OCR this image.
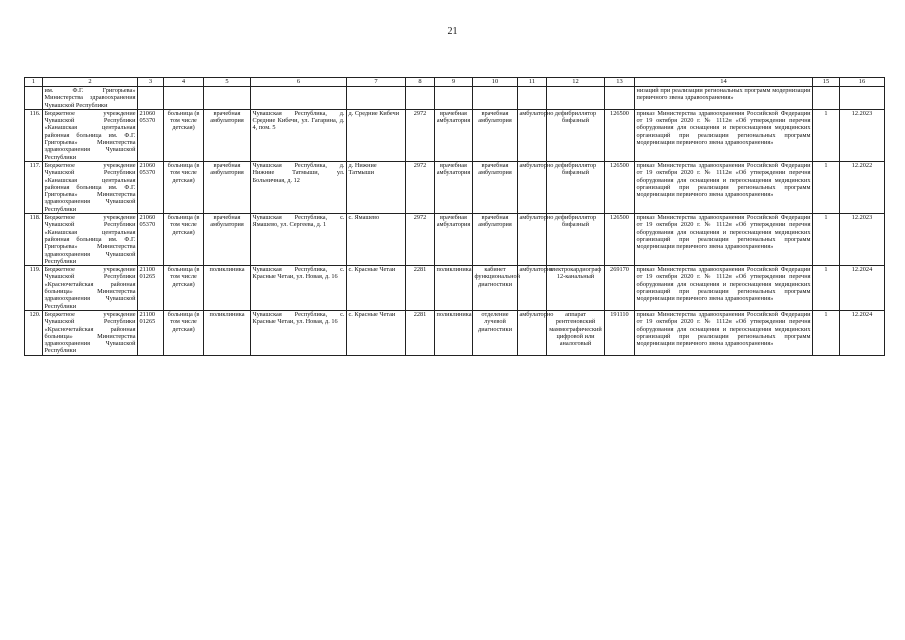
21
1	2	3	4	5	6	7	8	9	10	11	12	13	14	15	16
	им. Ф.Г. Григорьева» Министерства здравоохранения Чувашской Республики												низаций при реализации региональных программ модернизации первичного звена здравоохранения»		
116.	Бюджетное учреждение Чувашской Республики «Канашская центральная районная больница им. Ф.Г. Григорьева» Министерства здравоохранения Чувашской Республики	21060 05370	больница (в том числе детская)	врачебная амбулатория	Чувашская Республика, д. Средние Кибечи, ул. Гагарина, д. 4, пом. 5	д. Средние Кибечи	2972	врачебная амбулатория	врачебная амбулатория	амбулаторно	дефибриллятор бифазный	126500	приказ Министерства здравоохранения Российской Федерации от 19 октября 2020 г. № 1112н «Об утверждении перечня оборудования для оснащения и переоснащения медицинских организаций при реализации региональных программ модернизации первичного звена здравоохранения»	1	12.2023
117.	Бюджетное учреждение Чувашской Республики «Канашская центральная районная больница им. Ф.Г. Григорьева» Министерства здравоохранения Чувашской Республики	21060 05370	больница (в том числе детская)	врачебная амбулатория	Чувашская Республика, д. Нижние Татмыши, ул. Больничная, д. 12	д. Нижние Татмыши	2972	врачебная амбулатория	врачебная амбулатория	амбулаторно	дефибриллятор бифазный	126500	приказ Министерства здравоохранения Российской Федерации от 19 октября 2020 г. № 1112н «Об утверждении перечня оборудования для оснащения и переоснащения медицинских организаций при реализации региональных программ модернизации первичного звена здравоохранения»	1	12.2022
118.	Бюджетное учреждение Чувашской Республики «Канашская центральная районная больница им. Ф.Г. Григорьева» Министерства здравоохранения Чувашской Республики	21060 05370	больница (в том числе детская)	врачебная амбулатория	Чувашская Республика, с. Ямашево, ул. Сергеева, д. 1	с. Ямашево	2972	врачебная амбулатория	врачебная амбулатория	амбулаторно	дефибриллятор бифазный	126500	приказ Министерства здравоохранения Российской Федерации от 19 октября 2020 г. № 1112н «Об утверждении перечня оборудования для оснащения и переоснащения медицинских организаций при реализации региональных программ модернизации первичного звена здравоохранения»	1	12.2023
119.	Бюджетное учреждение Чувашской Республики «Красночетайская районная больница» Министерства здравоохранения Чувашской Республики	21100 01265	больница (в том числе детская)	поликлиника	Чувашская Республика, с. Красные Четаи, ул. Новая, д. 16	с. Красные Четаи	2281	поликлиника	кабинет функциональной диагностики	амбулаторно	электрокардиограф 12-канальный	269170	приказ Министерства здравоохранения Российской Федерации от 19 октября 2020 г. № 1112н «Об утверждении перечня оборудования для оснащения и переоснащения медицинских организаций при реализации региональных программ модернизации первичного звена здравоохранения»	1	12.2024
120.	Бюджетное учреждение Чувашской Республики «Красночетайская районная больница» Министерства здравоохранения Чувашской Республики	21100 01265	больница (в том числе детская)	поликлиника	Чувашская Республика, с. Красные Четаи, ул. Новая, д. 16	с. Красные Четаи	2281	поликлиника	отделение лучевой диагностики	амбулаторно	аппарат рентгеновский маммографический цифровой или аналоговый	191110	приказ Министерства здравоохранения Российской Федерации от 19 октября 2020 г. № 1112н «Об утверждении перечня оборудования для оснащения и переоснащения медицинских организаций при реализации региональных программ модернизации первичного звена здравоохранения»	1	12.2024
